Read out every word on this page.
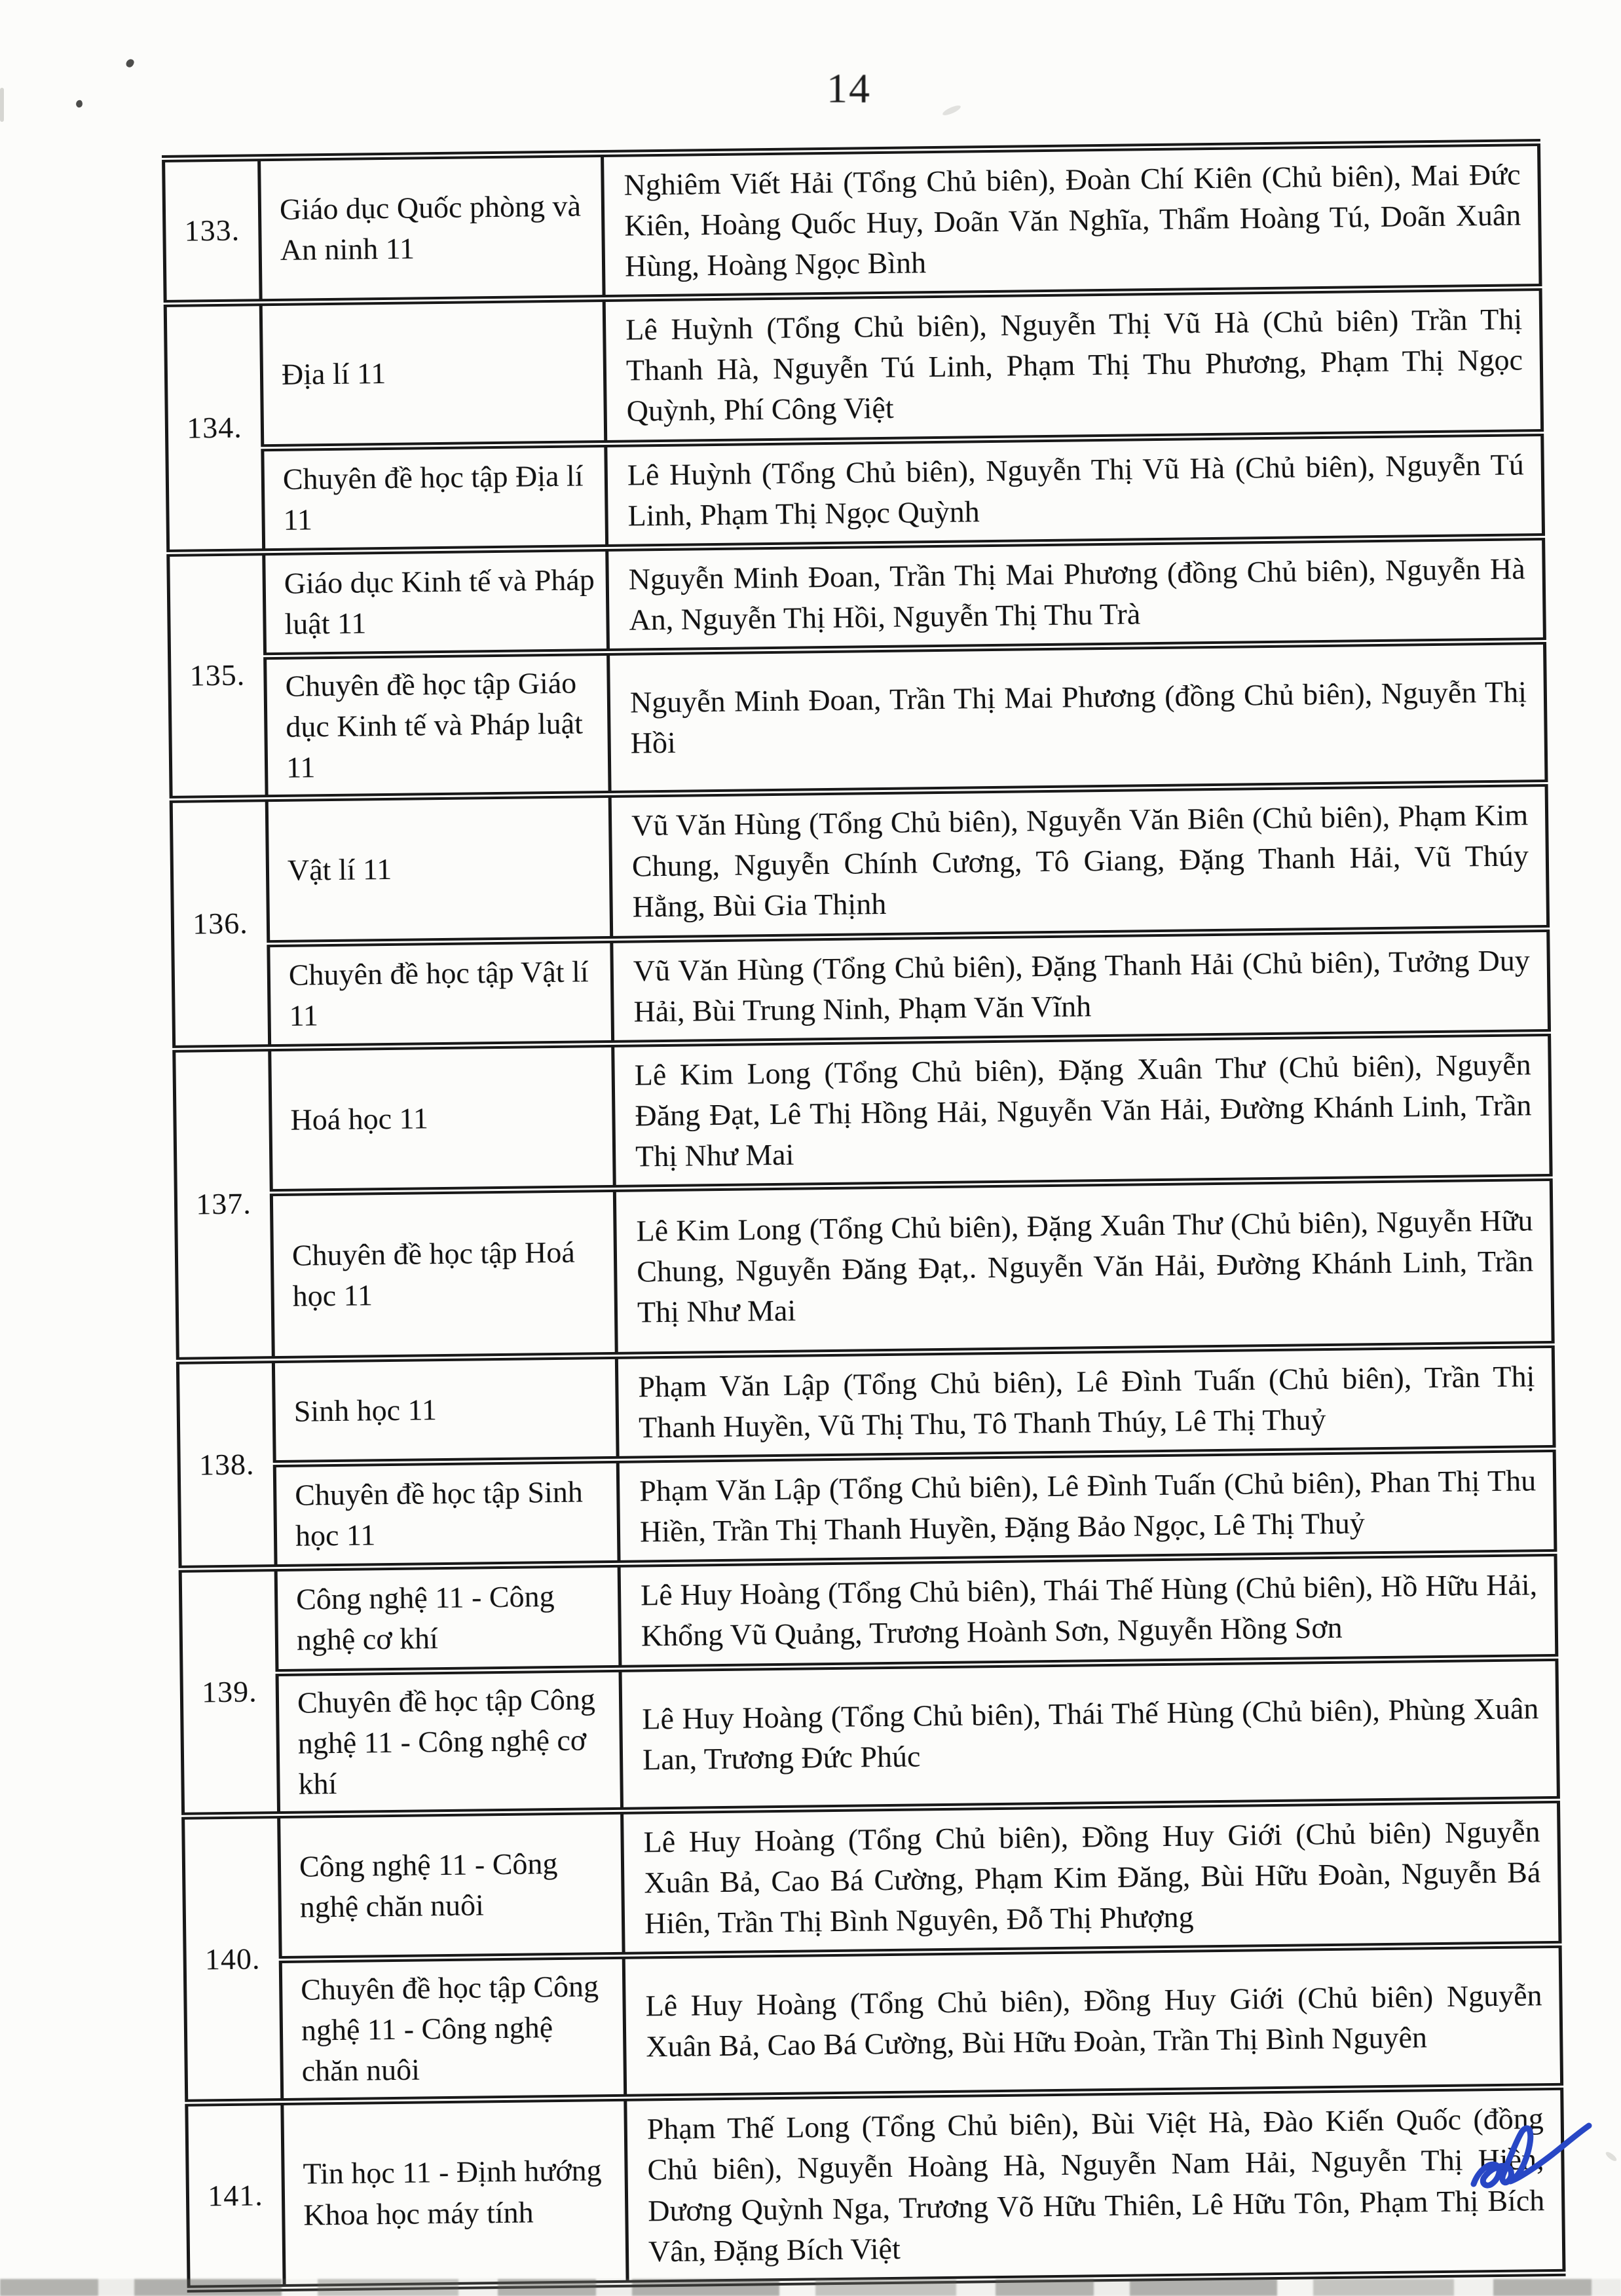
14
133.	Giáo dục Quốc phòng và An ninh 11	Nghiêm Viết Hải (Tổng Chủ biên), Đoàn Chí Kiên (Chủ biên), Mai Đức Kiên, Hoàng Quốc Huy, Doãn Văn Nghĩa, Thẩm Hoàng Tú, Doãn Xuân Hùng, Hoàng Ngọc Bình
134.	Địa lí 11	Lê Huỳnh (Tổng Chủ biên), Nguyễn Thị Vũ Hà (Chủ biên) Trần Thị Thanh Hà, Nguyễn Tú Linh, Phạm Thị Thu Phương, Phạm Thị Ngọc Quỳnh, Phí Công Việt
	Chuyên đề học tập Địa lí 11	Lê Huỳnh (Tổng Chủ biên), Nguyễn Thị Vũ Hà (Chủ biên), Nguyễn Tú Linh, Phạm Thị Ngọc Quỳnh
135.	Giáo dục Kinh tế và Pháp luật 11	Nguyễn Minh Đoan, Trần Thị Mai Phương (đồng Chủ biên), Nguyễn Hà An, Nguyễn Thị Hồi, Nguyễn Thị Thu Trà
	Chuyên đề học tập Giáo dục Kinh tế và Pháp luật 11	Nguyễn Minh Đoan, Trần Thị Mai Phương (đồng Chủ biên), Nguyễn Thị Hồi
136.	Vật lí 11	Vũ Văn Hùng (Tổng Chủ biên), Nguyễn Văn Biên (Chủ biên), Phạm Kim Chung, Nguyễn Chính Cương, Tô Giang, Đặng Thanh Hải, Vũ Thúy Hằng, Bùi Gia Thịnh
	Chuyên đề học tập Vật lí 11	Vũ Văn Hùng (Tổng Chủ biên), Đặng Thanh Hải (Chủ biên), Tưởng Duy Hải, Bùi Trung Ninh, Phạm Văn Vĩnh
137.	Hoá học 11	Lê Kim Long (Tổng Chủ biên), Đặng Xuân Thư (Chủ biên), Nguyễn Đăng Đạt, Lê Thị Hồng Hải, Nguyễn Văn Hải, Đường Khánh Linh, Trần Thị Như Mai
	Chuyên đề học tập Hoá học 11	Lê Kim Long (Tổng Chủ biên), Đặng Xuân Thư (Chủ biên), Nguyễn Hữu Chung, Nguyễn Đăng Đạt,. Nguyễn Văn Hải, Đường Khánh Linh, Trần Thị Như Mai
138.	Sinh học 11	Phạm Văn Lập (Tổng Chủ biên), Lê Đình Tuấn (Chủ biên), Trần Thị Thanh Huyền, Vũ Thị Thu, Tô Thanh Thúy, Lê Thị Thuỷ
	Chuyên đề học tập Sinh học 11	Phạm Văn Lập (Tổng Chủ biên), Lê Đình Tuấn (Chủ biên), Phan Thị Thu Hiền, Trần Thị Thanh Huyền, Đặng Bảo Ngọc, Lê Thị Thuỷ
139.	Công nghệ 11 - Công nghệ cơ khí	Lê Huy Hoàng (Tổng Chủ biên), Thái Thế Hùng (Chủ biên), Hồ Hữu Hải, Khổng Vũ Quảng, Trương Hoành Sơn, Nguyễn Hồng Sơn
	Chuyên đề học tập Công nghệ 11 - Công nghệ cơ khí	Lê Huy Hoàng (Tổng Chủ biên), Thái Thế Hùng (Chủ biên), Phùng Xuân Lan, Trương Đức Phúc
140.	Công nghệ 11 - Công nghệ chăn nuôi	Lê Huy Hoàng (Tổng Chủ biên), Đồng Huy Giới (Chủ biên) Nguyễn Xuân Bả, Cao Bá Cường, Phạm Kim Đăng, Bùi Hữu Đoàn, Nguyễn Bá Hiên, Trần Thị Bình Nguyên, Đỗ Thị Phượng
	Chuyên đề học tập Công nghệ 11 - Công nghệ chăn nuôi	Lê Huy Hoàng (Tổng Chủ biên), Đồng Huy Giới (Chủ biên) Nguyễn Xuân Bả, Cao Bá Cường, Bùi Hữu Đoàn, Trần Thị Bình Nguyên
141.	Tin học 11 - Định hướng Khoa học máy tính	Phạm Thế Long (Tổng Chủ biên), Bùi Việt Hà, Đào Kiến Quốc (đồng Chủ biên), Nguyễn Hoàng Hà, Nguyễn Nam Hải, Nguyễn Thị Hiền, Dương Quỳnh Nga, Trương Võ Hữu Thiên, Lê Hữu Tôn, Phạm Thị Bích Vân, Đặng Bích Việt
